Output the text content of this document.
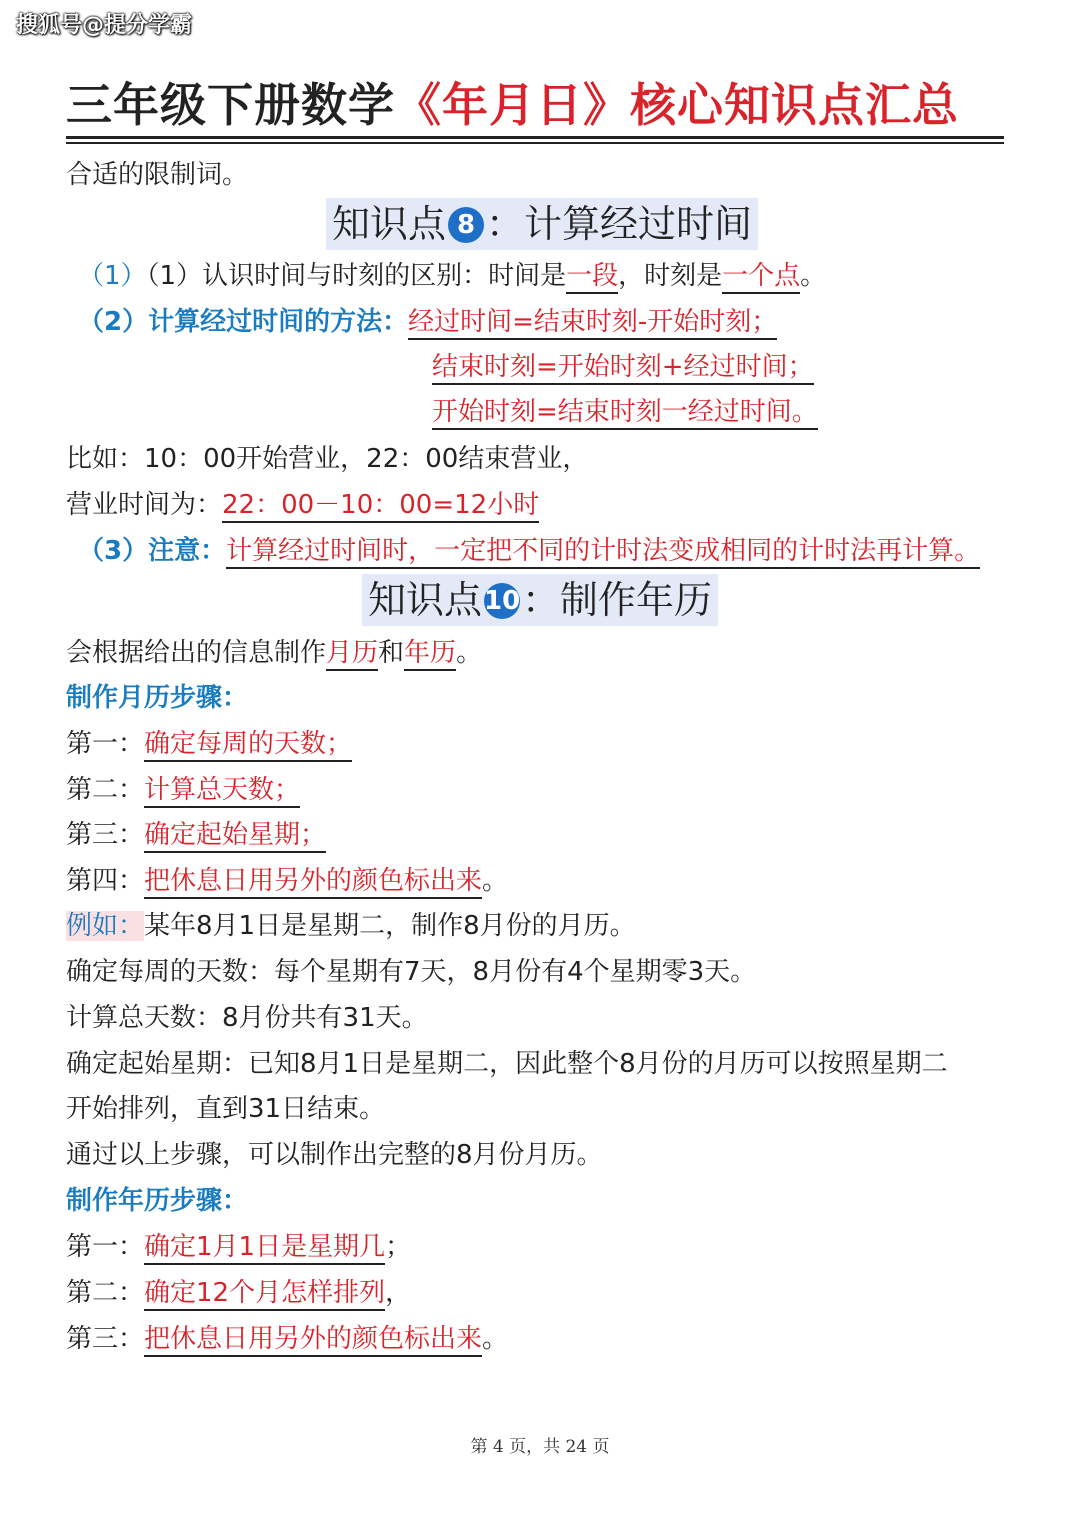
搜狐号@提分学霸
三年级下册数学《年月日》核心知识点汇总
合适的限制词。
知识点 8 ：计算经过时间
（1）（1）认识时间与时刻的区别：时间是一段，时刻是一个点。
（2）计算经过时间的方法：经过时间=结束时刻-开始时刻；
结束时刻=开始时刻+经过时间；
开始时刻=结束时刻一经过时间。
比如：10：00开始营业，22：00结束营业，
营业时间为：22：00－10：00=12小时
（3）注意：计算经过时间时，一定把不同的计时法变成相同的计时法再计算。
知识点10：制作年历
会根据给出的信息制作月历和年历。
制作月历步骤：
第一：确定每周的天数；
第二：计算总天数；
第三：确定起始星期；
第四：把休息日用另外的颜色标出来。
例如：某年8月1日是星期二，制作8月份的月历。
确定每周的天数：每个星期有7天，8月份有4个星期零3天。
计算总天数：8月份共有31天。
确定起始星期：已知8月1日是星期二，因此整个8月份的月历可以按照星期二
开始排列，直到31日结束。
通过以上步骤，可以制作出完整的8月份月历。
制作年历步骤：
第一：确定1月1日是星期几；
第二：确定12个月怎样排列，
第三：把休息日用另外的颜色标出来。
第 4 页，共 24 页
